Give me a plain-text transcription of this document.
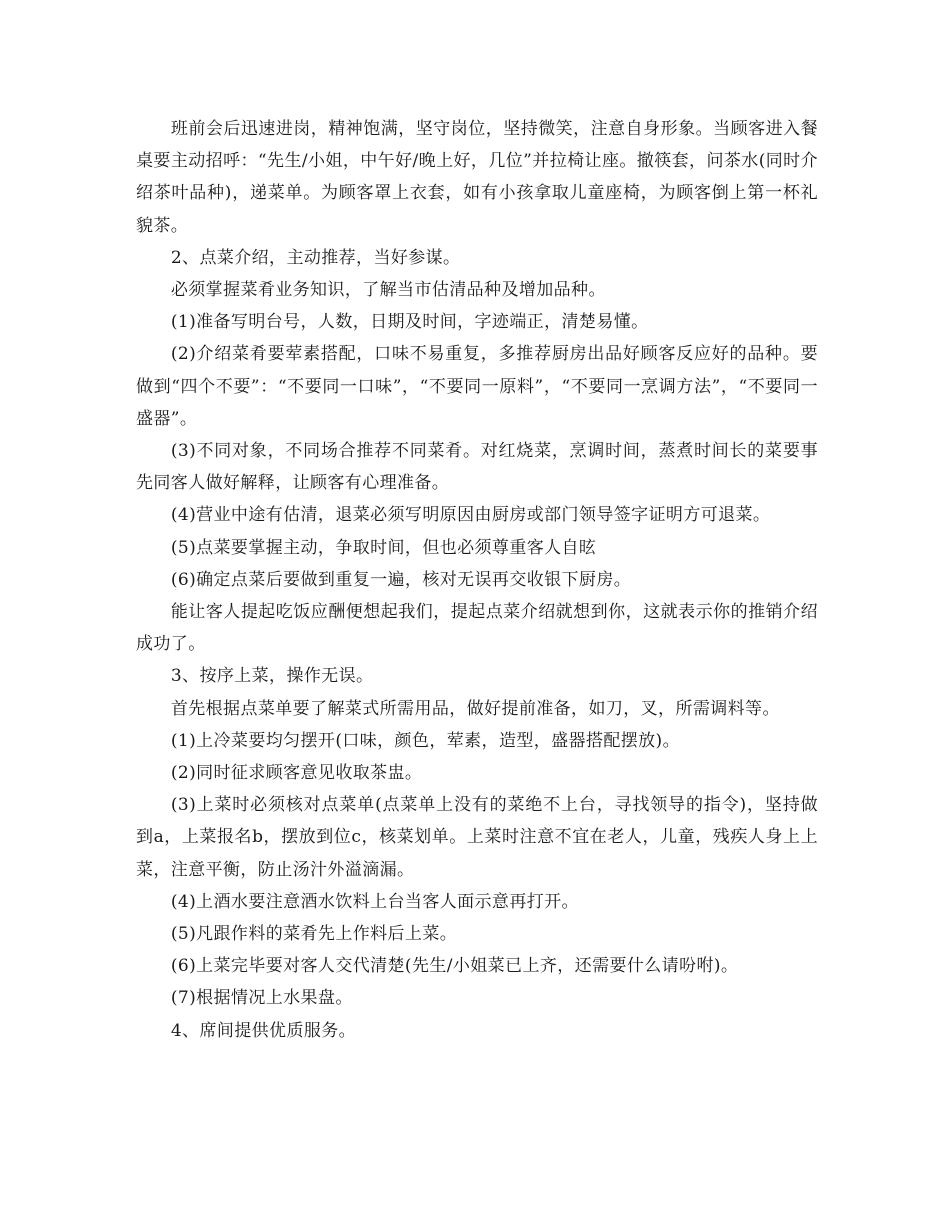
班前会后迅速进岗，精神饱满，坚守岗位，坚持微笑，注意自身形象。当顾客进入餐桌要主动招呼：“先生/小姐，中午好/晚上好，几位”并拉椅让座。撤筷套，问茶水(同时介绍茶叶品种)，递菜单。为顾客罩上衣套，如有小孩拿取儿童座椅，为顾客倒上第一杯礼貌茶。

2、点菜介绍，主动推荐，当好参谋。

必须掌握菜肴业务知识，了解当市估清品种及增加品种。

(1)准备写明台号，人数，日期及时间，字迹端正，清楚易懂。

(2)介绍菜肴要荤素搭配，口味不易重复，多推荐厨房出品好顾客反应好的品种。要做到“四个不要”：“不要同一口味”，“不要同一原料”，“不要同一烹调方法”，“不要同一盛器”。

(3)不同对象，不同场合推荐不同菜肴。对红烧菜，烹调时间，蒸煮时间长的菜要事先同客人做好解释，让顾客有心理准备。

(4)营业中途有估清，退菜必须写明原因由厨房或部门领导签字证明方可退菜。

(5)点菜要掌握主动，争取时间，但也必须尊重客人自昡

(6)确定点菜后要做到重复一遍，核对无误再交收银下厨房。

能让客人提起吃饭应酬便想起我们，提起点菜介绍就想到你，这就表示你的推销介绍成功了。

3、按序上菜，操作无误。

首先根据点菜单要了解菜式所需用品，做好提前准备，如刀，叉，所需调料等。

(1)上冷菜要均匀摆开(口味，颜色，荤素，造型，盛器搭配摆放)。

(2)同时征求顾客意见收取茶盅。

(3)上菜时必须核对点菜单(点菜单上没有的菜绝不上台，寻找领导的指令)，坚持做到a，上菜报名b，摆放到位c，核菜划单。上菜时注意不宜在老人，儿童，残疾人身上上菜，注意平衡，防止汤汁外溢滴漏。

(4)上酒水要注意酒水饮料上台当客人面示意再打开。

(5)凡跟作料的菜肴先上作料后上菜。

(6)上菜完毕要对客人交代清楚(先生/小姐菜已上齐，还需要什么请吩咐)。

(7)根据情况上水果盘。

4、席间提供优质服务。
